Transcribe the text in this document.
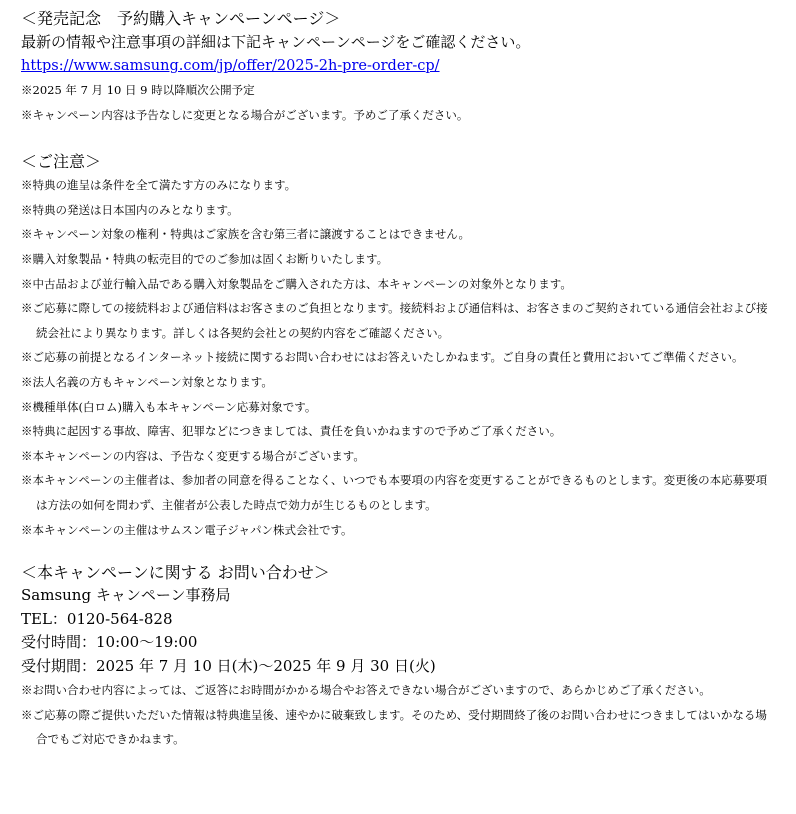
＜発売記念　予約購入キャンペーンページ＞
最新の情報や注意事項の詳細は下記キャンペーンページをご確認ください。
https://www.samsung.com/jp/offer/2025-2h-pre-order-cp/
※2025 年 7 月 10 日 9 時以降順次公開予定
※キャンペーン内容は予告なしに変更となる場合がございます。予めご了承ください。
＜ご注意＞
※特典の進呈は条件を全て満たす方のみになります。
※特典の発送は日本国内のみとなります。
※キャンペーン対象の権利・特典はご家族を含む第三者に譲渡することはできません。
※購入対象製品・特典の転売目的でのご参加は固くお断りいたします。
※中古品および並行輸入品である購入対象製品をご購入された方は、本キャンペーンの対象外となります。
※ご応募に際しての接続料および通信料はお客さまのご負担となります。接続料および通信料は、お客さまのご契約されている通信会社および接続会社により異なります。詳しくは各契約会社との契約内容をご確認ください。
※ご応募の前提となるインターネット接続に関するお問い合わせにはお答えいたしかねます。ご自身の責任と費用においてご準備ください。
※法人名義の方もキャンペーン対象となります。
※機種単体(白ロム)購入も本キャンペーン応募対象です。
※特典に起因する事故、障害、犯罪などにつきましては、責任を負いかねますので予めご了承ください。
※本キャンペーンの内容は、予告なく変更する場合がございます。
※本キャンペーンの主催者は、参加者の同意を得ることなく、いつでも本要項の内容を変更することができるものとします。変更後の本応募要項は方法の如何を問わず、主催者が公表した時点で効力が生じるものとします。
※本キャンペーンの主催はサムスン電子ジャパン株式会社です。
＜本キャンペーンに関する お問い合わせ＞
Samsung キャンペーン事務局
TEL：0120-564-828
受付時間：10:00～19:00
受付期間：2025 年 7 月 10 日(木)～2025 年 9 月 30 日(火)
※お問い合わせ内容によっては、ご返答にお時間がかかる場合やお答えできない場合がございますので、あらかじめご了承ください。
※ご応募の際ご提供いただいた情報は特典進呈後、速やかに破棄致します。そのため、受付期間終了後のお問い合わせにつきましてはいかなる場合でもご対応できかねます。
